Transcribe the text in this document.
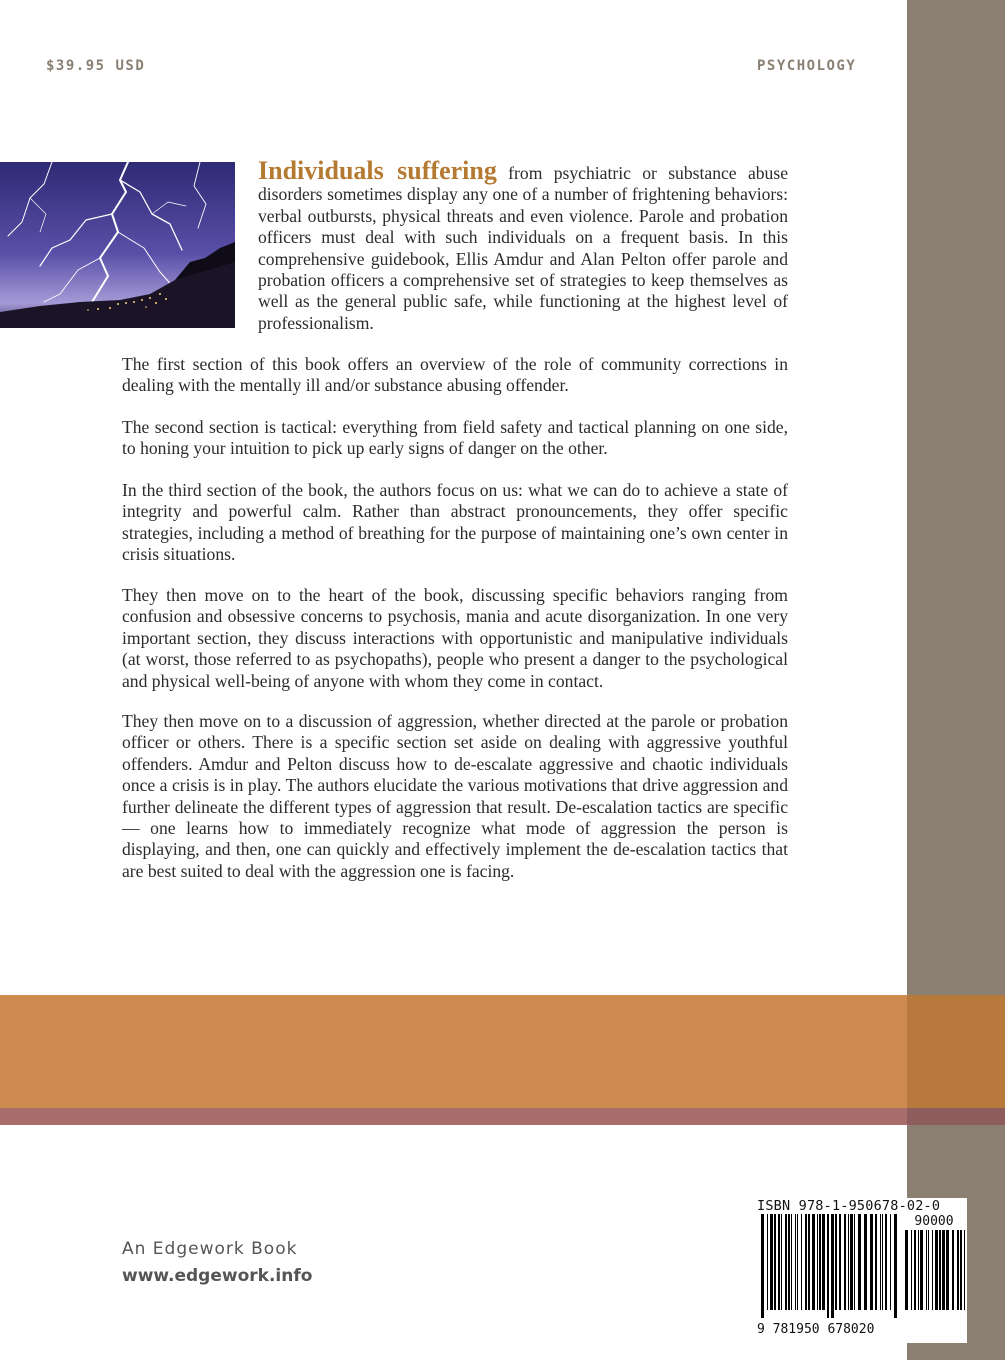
$39.95 USD	PSYCHOLOGY

Individuals suffering from psychiatric or substance abuse disorders sometimes display any one of a number of frightening behaviors: verbal outbursts, physical threats and even violence. Parole and probation officers must deal with such individuals on a frequent basis. In this comprehensive guidebook, Ellis Amdur and Alan Pelton offer parole and probation officers a comprehensive set of strategies to keep themselves as well as the general public safe, while functioning at the highest level of professionalism.

The first section of this book offers an overview of the role of community corrections in dealing with the mentally ill and/or substance abusing offender.

The second section is tactical: everything from field safety and tactical planning on one side, to honing your intuition to pick up early signs of danger on the other.

In the third section of the book, the authors focus on us: what we can do to achieve a state of integrity and powerful calm. Rather than abstract pronouncements, they offer specific strategies, including a method of breathing for the purpose of maintaining one’s own center in crisis situations.

They then move on to the heart of the book, discussing specific behaviors ranging from confusion and obsessive concerns to psychosis, mania and acute disorganization. In one very important section, they discuss interactions with opportunistic and manipulative individuals (at worst, those referred to as psychopaths), people who present a danger to the psychological and physical well-being of anyone with whom they come in contact.

They then move on to a discussion of aggression, whether directed at the parole or probation officer or others. There is a specific section set aside on dealing with aggressive youthful offenders. Amdur and Pelton discuss how to de-escalate aggressive and chaotic individuals once a crisis is in play. The authors elucidate the various motivations that drive aggression and further delineate the different types of aggression that result. De-escalation tactics are specific — one learns how to immediately recognize what mode of aggression the person is displaying, and then, one can quickly and effectively implement the de-escalation tactics that are best suited to deal with the aggression one is facing.

An Edgework Book
www.edgework.info
ISBN 978-1-950678-02-0
90000
9 781950 678020
